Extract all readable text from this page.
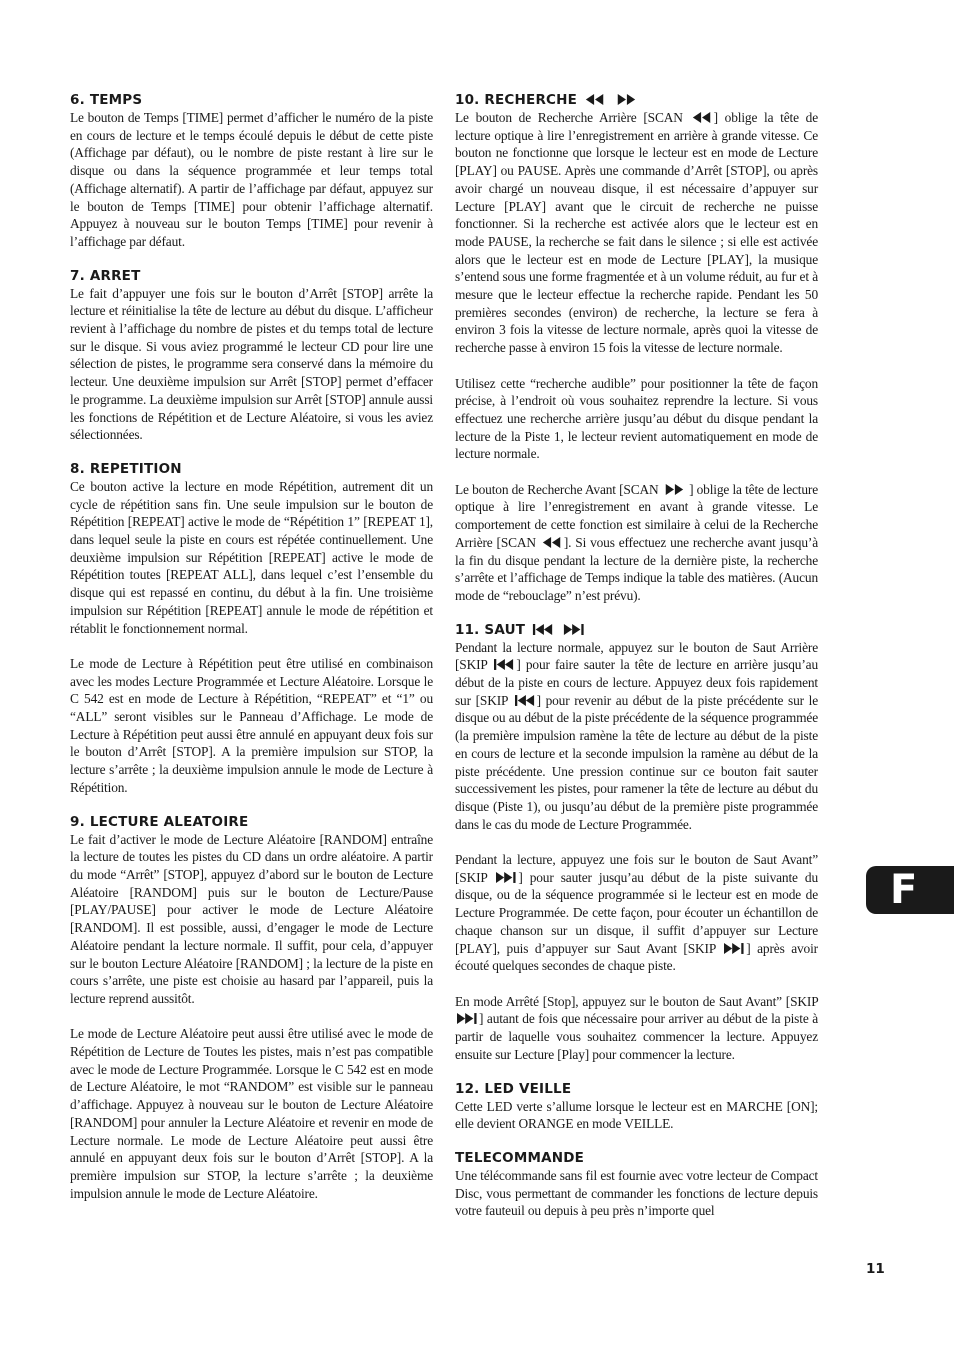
6. TEMPS

Le bouton de Temps [TIME] permet d’afficher le numéro de la piste en cours de lecture et le temps écoulé depuis le début de cette piste (Affichage par défaut), ou le nombre de piste restant à lire sur le disque ou dans la séquence programmée et leur temps total (Affichage alternatif). A partir de l’affichage par défaut, appuyez sur le bouton de Temps [TIME] pour obtenir l’affichage alternatif. Appuyez à nouveau sur le bouton Temps [TIME] pour revenir à l’affichage par défaut.

7. ARRET

Le fait d’appuyer une fois sur le bouton d’Arrêt [STOP] arrête la lecture et réinitialise la tête de lecture au début du disque. L’afficheur revient à l’affichage du nombre de pistes et du temps total de lecture sur le disque. Si vous aviez programmé le lecteur CD pour lire une sélection de pistes, le programme sera conservé dans la mémoire du lecteur. Une deuxième impulsion sur Arrêt [STOP] permet d’effacer le programme. La deuxième impulsion sur Arrêt [STOP] annule aussi les fonctions de Répétition et de Lecture Aléatoire, si vous les aviez sélectionnées.

8. REPETITION

Ce bouton active la lecture en mode Répétition, autrement dit un cycle de répétition sans fin. Une seule impulsion sur le bouton de Répétition [REPEAT] active le mode de “Répétition 1” [REPEAT 1], dans lequel seule la piste en cours est répétée continuellement. Une deuxième impulsion sur Répétition [REPEAT] active le mode de Répétition toutes [REPEAT ALL], dans lequel c’est l’ensemble du disque qui est repassé en continu, du début à la fin. Une troisième impulsion sur Répétition [REPEAT] annule le mode de répétition et rétablit le fonctionnement normal.

Le mode de Lecture à Répétition peut être utilisé en combinaison avec les modes Lecture Programmée et Lecture Aléatoire. Lorsque le C 542 est en mode de Lecture à Répétition, “REPEAT” et “1” ou “ALL” seront visibles sur le Panneau d’Affichage. Le mode de Lecture à Répétition peut aussi être annulé en appuyant deux fois sur le bouton d’Arrêt [STOP]. A la première impulsion sur STOP, la lecture s’arrête ; la deuxième impulsion annule le mode de Lecture à Répétition.

9. LECTURE ALEATOIRE

Le fait d’activer le mode de Lecture Aléatoire [RANDOM] entraîne la lecture de toutes les pistes du CD dans un ordre aléatoire. A partir du mode “Arrêt” [STOP], appuyez d’abord sur le bouton de Lecture Aléatoire [RANDOM] puis sur le bouton de Lecture/Pause [PLAY/PAUSE] pour activer le mode de Lecture Aléatoire [RANDOM]. Il est possible, aussi, d’engager le mode de Lecture Aléatoire pendant la lecture normale. Il suffit, pour cela, d’appuyer sur le bouton Lecture Aléatoire [RANDOM] ; la lecture de la piste en cours s’arrête, une piste est choisie au hasard par l’appareil, puis la lecture reprend aussitôt.

Le mode de Lecture Aléatoire peut aussi être utilisé avec le mode de Répétition de Lecture de Toutes les pistes, mais n’est pas compatible avec le mode de Lecture Programmée. Lorsque le C 542 est en mode de Lecture Aléatoire, le mot “RANDOM” est visible sur le panneau d’affichage. Appuyez à nouveau sur le bouton de Lecture Aléatoire [RANDOM] pour annuler la Lecture Aléatoire et revenir en mode de Lecture normale. Le mode de Lecture Aléatoire peut aussi être annulé en appuyant deux fois sur le bouton d’Arrêt [STOP]. A la première impulsion sur STOP, la lecture s’arrête ; la deuxième impulsion annule le mode de Lecture Aléatoire.

10. RECHERCHE

Le bouton de Recherche Arrière [SCAN ] oblige la tête de lecture optique à lire l’enregistrement en arrière à grande vitesse. Ce bouton ne fonctionne que lorsque le lecteur est en mode de Lecture [PLAY] ou PAUSE. Après une commande d’Arrêt [STOP], ou après avoir chargé un nouveau disque, il est nécessaire d’appuyer sur Lecture [PLAY] avant que le circuit de recherche ne puisse fonctionner. Si la recherche est activée alors que le lecteur est en mode PAUSE, la recherche se fait dans le silence ; si elle est activée alors que le lecteur est en mode de Lecture [PLAY], la musique s’entend sous une forme fragmentée et à un volume réduit, au fur et à mesure que le lecteur effectue la recherche rapide. Pendant les 50 premières secondes (environ) de recherche, la lecture se fera à environ 3 fois la vitesse de lecture normale, après quoi la vitesse de recherche passe à environ 15 fois la vitesse de lecture normale.

Utilisez cette “recherche audible” pour positionner la tête de façon précise, à l’endroit où vous souhaitez reprendre la lecture. Si vous effectuez une recherche arrière jusqu’au début du disque pendant la lecture de la Piste 1, le lecteur revient automatiquement en mode de lecture normale.

Le bouton de Recherche Avant [SCAN ] oblige la tête de lecture optique à lire l’enregistrement en avant à grande vitesse. Le comportement de cette fonction est similaire à celui de la Recherche Arrière [SCAN ]. Si vous effectuez une recherche avant jusqu’à la fin du disque pendant la lecture de la dernière piste, la recherche s’arrête et l’affichage de Temps indique la table des matières. (Aucun mode de “rebouclage” n’est prévu).

11. SAUT

Pendant la lecture normale, appuyez sur le bouton de Saut Arrière [SKIP ] pour faire sauter la tête de lecture en arrière jusqu’au début de la piste en cours de lecture. Appuyez deux fois rapidement sur [SKIP ] pour revenir au début de la piste précédente sur le disque ou au début de la piste précédente de la séquence programmée (la première impulsion ramène la tête de lecture au début de la piste en cours de lecture et la seconde impulsion la ramène au début de la piste précédente. Une pression continue sur ce bouton fait sauter successivement les pistes, pour ramener la tête de lecture au début du disque (Piste 1), ou jusqu’au début de la première piste programmée dans le cas du mode de Lecture Programmée.

Pendant la lecture, appuyez une fois sur le bouton de Saut Avant” [SKIP ] pour sauter jusqu’au début de la piste suivante du disque, ou de la séquence programmée si le lecteur est en mode de Lecture Programmée. De cette façon, pour écouter un échantillon de chaque chanson sur un disque, il suffit d’appuyer sur Lecture [PLAY], puis d’appuyer sur Saut Avant [SKIP ] après avoir écouté quelques secondes de chaque piste.

En mode Arrêté [Stop], appuyez sur le bouton de Saut Avant” [SKIP
] autant de fois que nécessaire pour arriver au début de la piste à partir de laquelle vous souhaitez commencer la lecture. Appuyez ensuite sur Lecture [Play] pour commencer la lecture.

12. LED VEILLE

Cette LED verte s’allume lorsque le lecteur est en MARCHE [ON]; elle devient ORANGE en mode VEILLE.

TELECOMMANDE

Une télécommande sans fil est fournie avec votre lecteur de Compact Disc, vous permettant de commander les fonctions de lecture depuis votre fauteuil ou depuis à peu près n’importe quel

F
11
